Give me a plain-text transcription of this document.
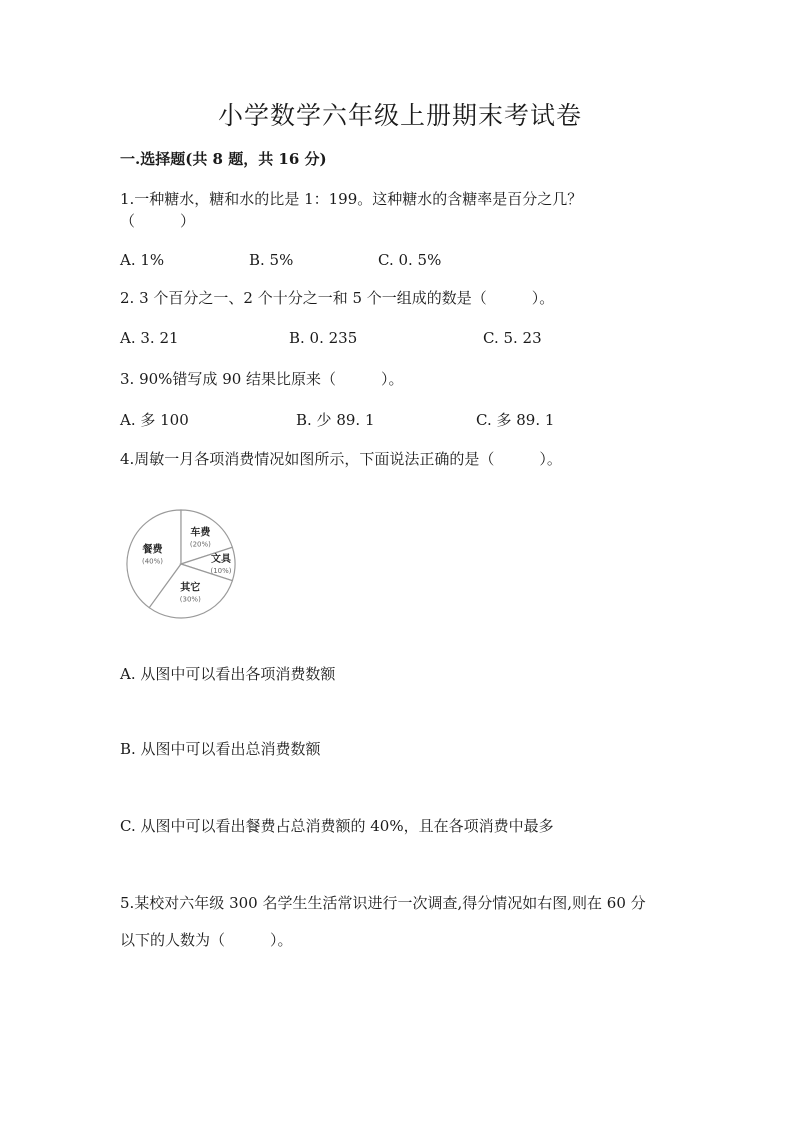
小学数学六年级上册期末考试卷
一.选择题(共 8 题，共 16 分)
1.一种糖水，糖和水的比是 1：199。这种糖水的含糖率是百分之几？
（　　　）
A. 1%	B. 5%	C. 0. 5%
2. 3 个百分之一、2 个十分之一和 5 个一组成的数是（　　　）。
A. 3. 21	B. 0. 235	C. 5. 23
3. 90%错写成 90 结果比原来（　　　）。
A. 多 100	B. 少 89. 1	C. 多 89. 1
4.周敏一月各项消费情况如图所示，下面说法正确的是（　　　）。
餐费
(40%)
车费
(20%)
文具
(10%)
其它
(30%)
A. 从图中可以看出各项消费数额
B. 从图中可以看出总消费数额
C. 从图中可以看出餐费占总消费额的 40%，且在各项消费中最多
5.某校对六年级 300 名学生生活常识进行一次调查,得分情况如右图,则在 60 分
以下的人数为（　　　）。
